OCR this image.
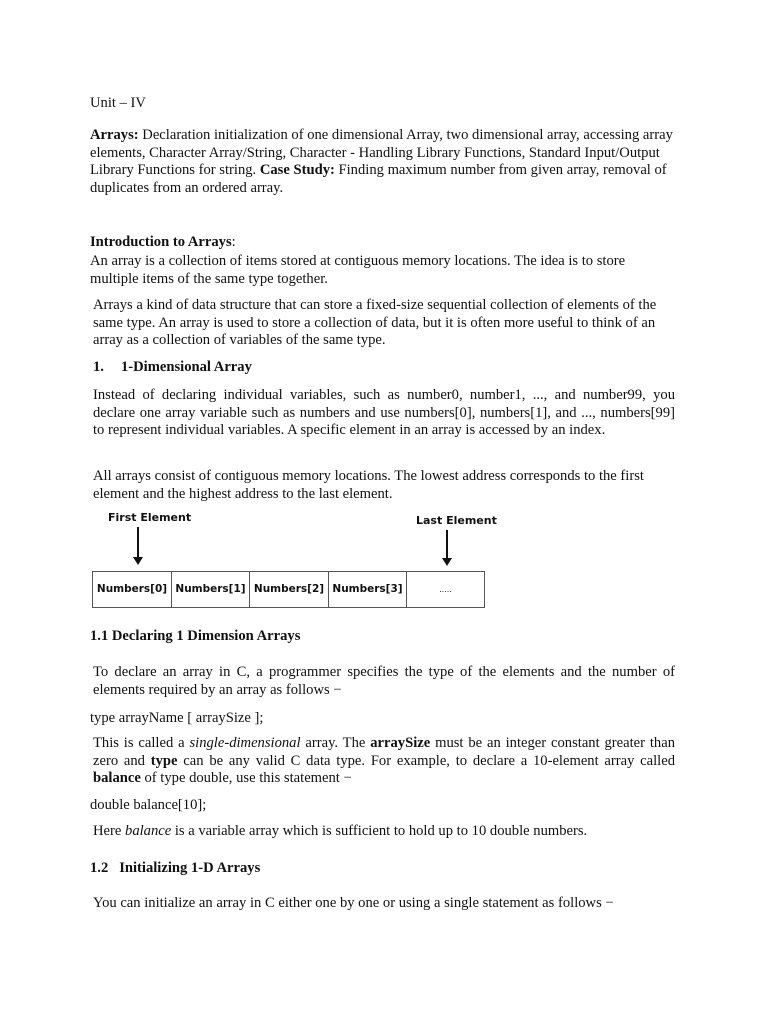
Unit – IV

Arrays: Declaration initialization of one dimensional Array, two dimensional array, accessing array elements, Character Array/String, Character - Handling Library Functions, Standard Input/Output Library Functions for string. Case Study: Finding maximum number from given array, removal of duplicates from an ordered array.

Introduction to Arrays:

An array is a collection of items stored at contiguous memory locations. The idea is to store multiple items of the same type together.

Arrays a kind of data structure that can store a fixed-size sequential collection of elements of the same type. An array is used to store a collection of data, but it is often more useful to think of an array as a collection of variables of the same type.

1. 1-Dimensional Array

Instead of declaring individual variables, such as number0, number1, ..., and number99, you declare one array variable such as numbers and use numbers[0], numbers[1], and ..., numbers[99] to represent individual variables. A specific element in an array is accessed by an index.

All arrays consist of contiguous memory locations. The lowest address corresponds to the first element and the highest address to the last element.

First Element	Last Element
Numbers[0] Numbers[1] Numbers[2] Numbers[3]	.....

1.1 Declaring 1 Dimension Arrays

To declare an array in C, a programmer specifies the type of the elements and the number of elements required by an array as follows −

type arrayName [ arraySize ];

This is called a single-dimensional array. The arraySize must be an integer constant greater than zero and type can be any valid C data type. For example, to declare a 10-element array called balance of type double, use this statement −

double balance[10];

Here balance is a variable array which is sufficient to hold up to 10 double numbers.

1.2   Initializing 1-D Arrays

You can initialize an array in C either one by one or using a single statement as follows −
